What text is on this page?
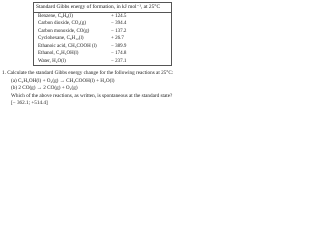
Standard Gibbs energy of formation, in kJ mol⁻¹, at 25°C
Benzene, C₆H₆(l)	+ 124.5
Carbon dioxide, CO₂(g)	− 394.4
Carbon monoxide, CO(g)	− 137.2
Cyclohexane, C₆H₁₂(l)	+ 26.7
Ethanoic acid, CH₃COOH (l)	− 389.9
Ethanol, C₂H₅OH(l)	− 174.8
Water, H₂O(l)	− 237.1
1. Calculate the standard Gibbs energy change for the following reactions at 25°C:
(a) C₂H₅OH(l) + O₂(g) → CH₃COOH(l) + H₂O(l)
(b) 2 CO(g) → 2 CO(g) + O₂(g)
Which of the above reactions, as written, is spontaneous at the standard state?
[− 362.1; +514.4]
